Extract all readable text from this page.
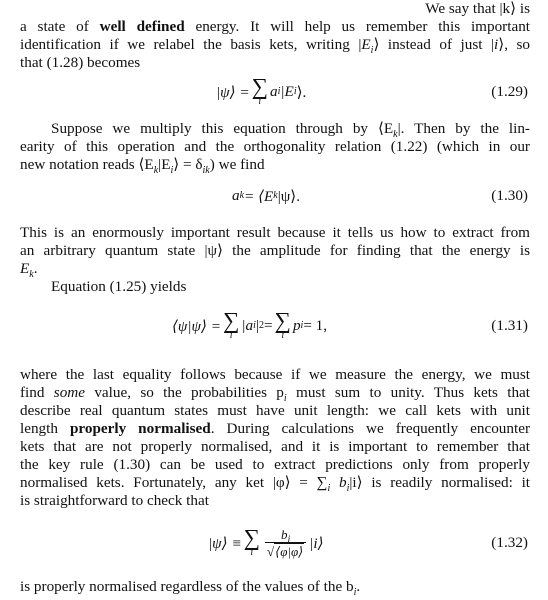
We say that |k⟩ is
a state of well defined energy. It will help us remember this important
identification if we relabel the basis kets, writing $|E_i⟩$ instead of just |i⟩, so
that (1.28) becomes
|ψ⟩ = ∑
i
a i |E i ⟩.	(1.29)
Suppose we multiply this equation through by $⟨E_k|$. Then by the lin-
earity of this operation and the orthogonality relation (1.22) (which in our
new notation reads $⟨E_k|E_i⟩ = \delta_{ik}$) we find
a k = ⟨E k |ψ⟩.	(1.30)
This is an enormously important result because it tells us how to extract from
an arbitrary quantum state |ψ⟩ the amplitude for finding that the energy is
$E_k$.
Equation (1.25) yields
⟨ψ|ψ⟩ = ∑
i
|a i | 2 = ∑
i
p i = 1,	(1.31)
where the last equality follows because if we measure the energy, we must
find some value, so the probabilities $p_i$ must sum to unity. Thus kets that
describe real quantum states must have unit length: we call kets with unit
length properly normalised. During calculations we frequently encounter
kets that are not properly normalised, and it is important to remember that
the key rule (1.30) can be used to extract predictions only from properly
normalised kets. Fortunately, any ket |φ⟩ = $\sum_i$ $b_i|i⟩$ is readily normalised: it
is straightforward to check that
|ψ⟩ ≡ ∑
i $\frac{b_i}{√⟨\varphi|\varphi⟩}$ |i⟩	(1.32)
is properly normalised regardless of the values of the $b_i$.
